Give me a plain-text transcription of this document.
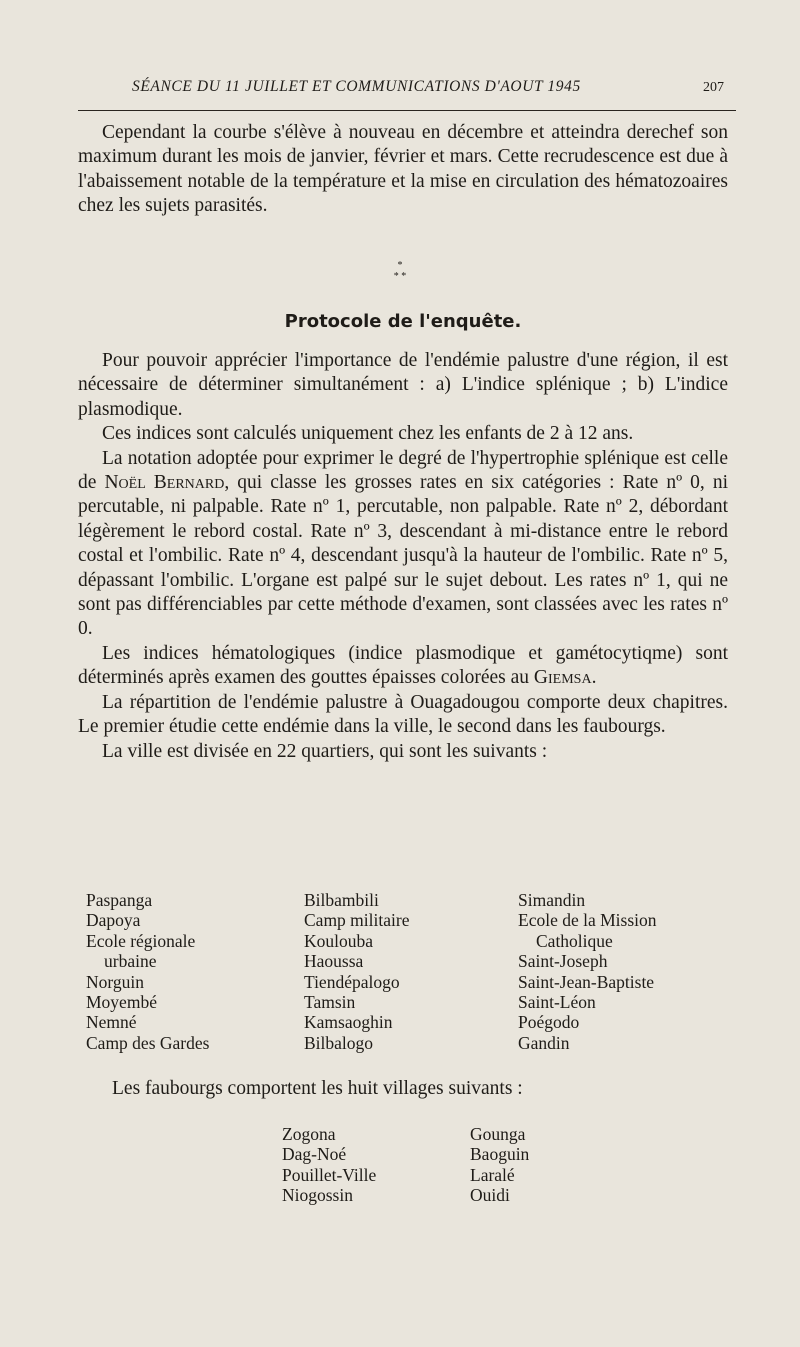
SÉANCE DU 11 JUILLET ET COMMUNICATIONS D'AOUT 1945	207
Cependant la courbe s'élève à nouveau en décembre et atteindra derechef son maximum durant les mois de janvier, février et mars. Cette recrudescence est due à l'abaissement notable de la température et la mise en circulation des hématozoaires chez les sujets parasités.
*
* *
Protocole de l'enquête.
Pour pouvoir apprécier l'importance de l'endémie palustre d'une région, il est nécessaire de déterminer simultanément : a) L'indice splénique ; b) L'indice plasmodique.
Ces indices sont calculés uniquement chez les enfants de 2 à 12 ans.
La notation adoptée pour exprimer le degré de l'hypertrophie splénique est celle de Noël Bernard, qui classe les grosses rates en six catégories : Rate nº 0, ni percutable, ni palpable. Rate nº 1, percutable, non palpable. Rate nº 2, débordant légèrement le rebord costal. Rate nº 3, descendant à mi-distance entre le rebord costal et l'ombilic. Rate nº 4, descendant jusqu'à la hauteur de l'ombilic. Rate nº 5, dépassant l'ombilic. L'organe est palpé sur le sujet debout. Les rates nº 1, qui ne sont pas différenciables par cette méthode d'examen, sont classées avec les rates nº 0.
Les indices hématologiques (indice plasmodique et gamétocytiqme) sont déterminés après examen des gouttes épaisses colorées au Giemsa.
La répartition de l'endémie palustre à Ouagadougou comporte deux chapitres. Le premier étudie cette endémie dans la ville, le second dans les faubourgs.
La ville est divisée en 22 quartiers, qui sont les suivants :
Paspanga
Dapoya
Ecole régionale
urbaine
Norguin
Moyembé
Nemné
Camp des Gardes
Bilbambili
Camp militaire
Koulouba
Haoussa
Tiendépalogo
Tamsin
Kamsaoghin
Bilbalogo
Simandin
Ecole de la Mission
Catholique
Saint-Joseph
Saint-Jean-Baptiste
Saint-Léon
Poégodo
Gandin
Les faubourgs comportent les huit villages suivants :
Zogona
Dag-Noé
Pouillet-Ville
Niogossin
Gounga
Baoguin
Laralé
Ouidi
